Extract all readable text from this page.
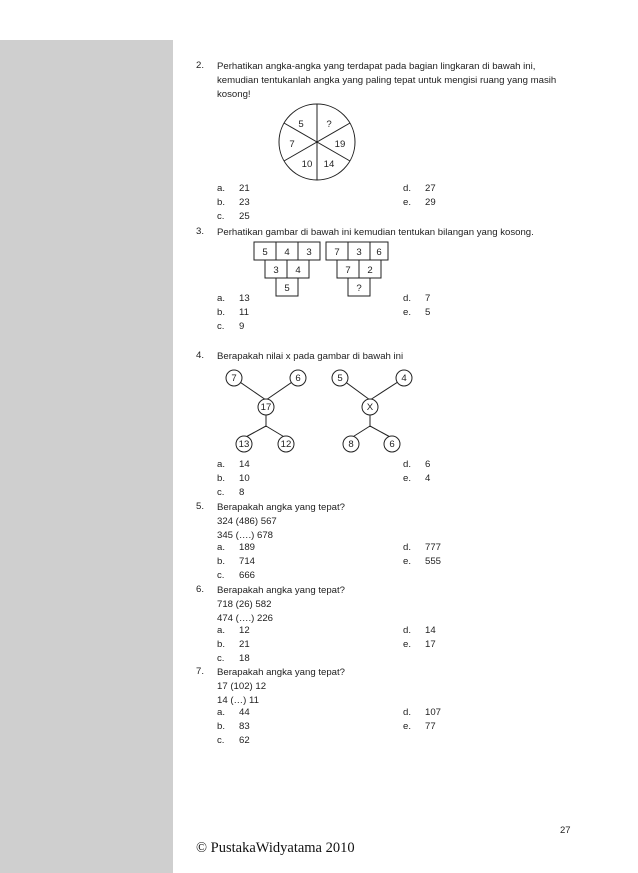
2. Perhatikan angka-angka yang terdapat pada bagian lingkaran di bawah ini,
kemudian tentukanlah angka yang paling tepat untuk mengisi ruang yang masih
kosong!
5 ?
19
14
10
7
a. 21
b. 23
c. 25
d. 27
e. 29
3. Perhatikan gambar di bawah ini kemudian tentukan bilangan yang kosong.
5 4 3
3 4
5
7 3 6
7 2
?
a. 13
b. 11
c. 9
d. 7
e. 5
4. Berapakah nilai x pada gambar di bawah ini
7	6
17
13	12
5	4
X
8	6
a. 14
b. 10
c. 8
d. 6
e. 4
5. Berapakah angka yang tepat?
324 (486) 567
345 (….) 678
a. 189
b. 714
c. 666
d. 777
e. 555
6. Berapakah angka yang tepat?
718 (26) 582
474 (….) 226
a. 12
b. 21
c. 18
d. 14
e. 17
7. Berapakah angka yang tepat?
17 (102) 12
14 (…) 11
a. 44
b. 83
c. 62
d. 107
e. 77
27
© PustakaWidyatama 2010
